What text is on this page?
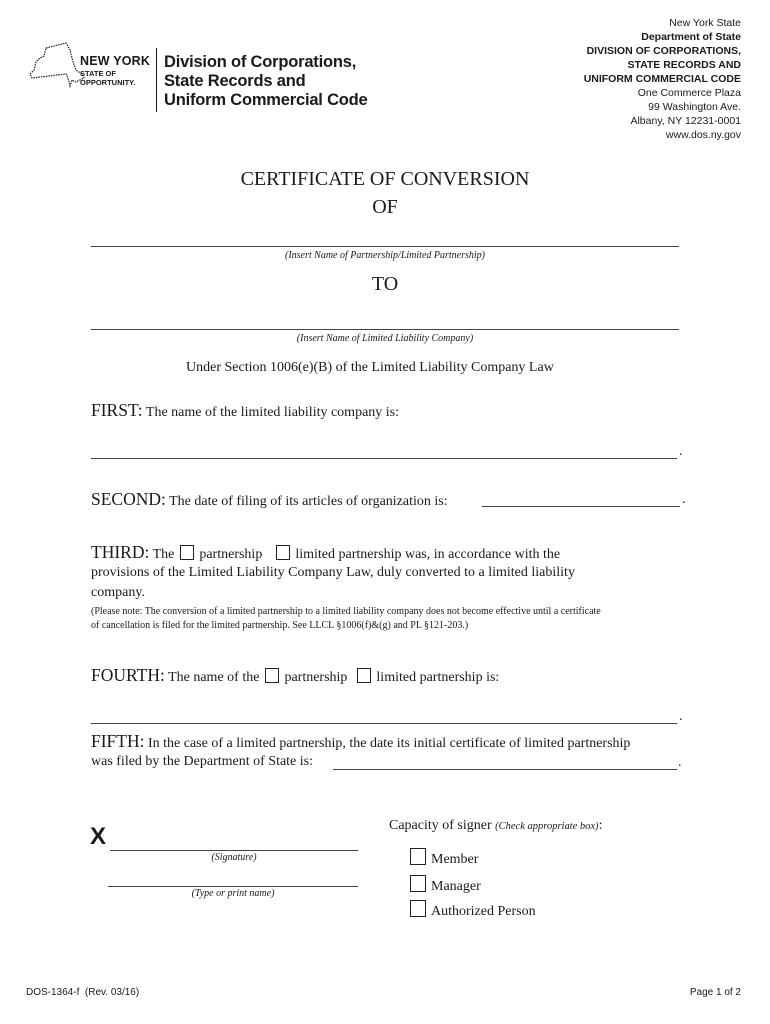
NEW YORK
STATE OF
OPPORTUNITY.
Division of Corporations,
State Records and
Uniform Commercial Code
New York State
Department of State
DIVISION OF CORPORATIONS,
STATE RECORDS AND
UNIFORM COMMERCIAL CODE
One Commerce Plaza
99 Washington Ave.
Albany, NY 12231-0001
www.dos.ny.gov
CERTIFICATE OF CONVERSION
OF
(Insert Name of Partnership/Limited Partnership)
TO
(Insert Name of Limited Liability Company)
Under Section 1006(e)(B) of the Limited Liability Company Law
FIRST: The name of the limited liability company is:
.
SECOND: The date of filing of its articles of organization is:	.
THIRD: The partnership limited partnership was, in accordance with the
provisions of the Limited Liability Company Law, duly converted to a limited liability
company.
(Please note: The conversion of a limited partnership to a limited liability company does not become effective until a certificate
of cancellation is filed for the limited partnership. See LLCL §1006(f)&(g) and PL §121-203.)
FOURTH: The name of the partnership limited partnership is:
.
FIFTH: In the case of a limited partnership, the date its initial certificate of limited partnership
was filed by the Department of State is:	.
X
(Signature)
(Type or print name)
Capacity of signer (Check appropriate box):
Member
Manager
Authorized Person
DOS-1364-f  (Rev. 03/16)	Page 1 of 2
